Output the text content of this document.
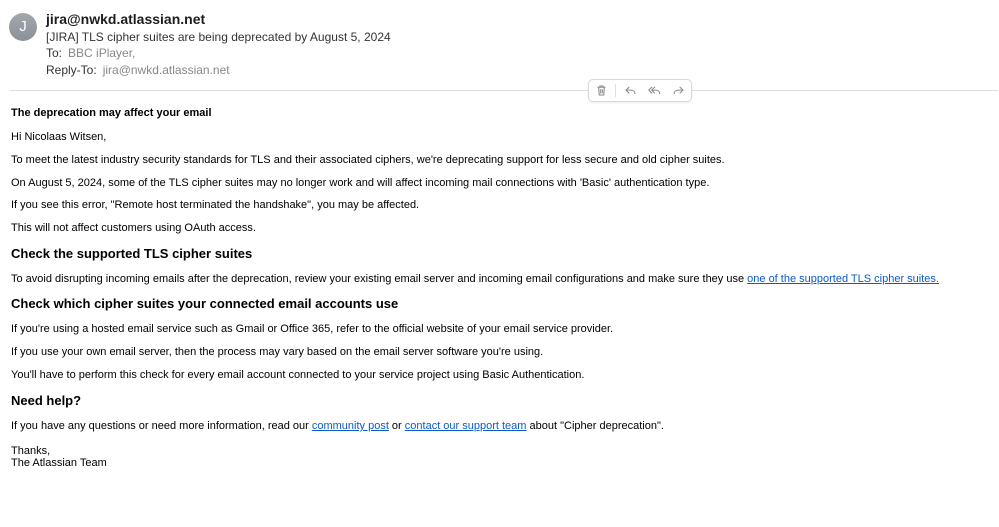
J	jira@nwkd.atlassian.net
[JIRA] TLS cipher suites are being deprecated by August 5, 2024
To: BBC iPlayer,
Reply-To: jira@nwkd.atlassian.net
The deprecation may affect your email
Hi Nicolaas Witsen,
To meet the latest industry security standards for TLS and their associated ciphers, we're deprecating support for less secure and old cipher suites.
On August 5, 2024, some of the TLS cipher suites may no longer work and will affect incoming mail connections with 'Basic' authentication type.
If you see this error, "Remote host terminated the handshake", you may be affected.
This will not affect customers using OAuth access.
Check the supported TLS cipher suites
To avoid disrupting incoming emails after the deprecation, review your existing email server and incoming email configurations and make sure they use one of the supported TLS cipher suites.
Check which cipher suites your connected email accounts use
If you're using a hosted email service such as Gmail or Office 365, refer to the official website of your email service provider.
If you use your own email server, then the process may vary based on the email server software you're using.
You'll have to perform this check for every email account connected to your service project using Basic Authentication.
Need help?
If you have any questions or need more information, read our community post or contact our support team about "Cipher deprecation".
Thanks,
The Atlassian Team
